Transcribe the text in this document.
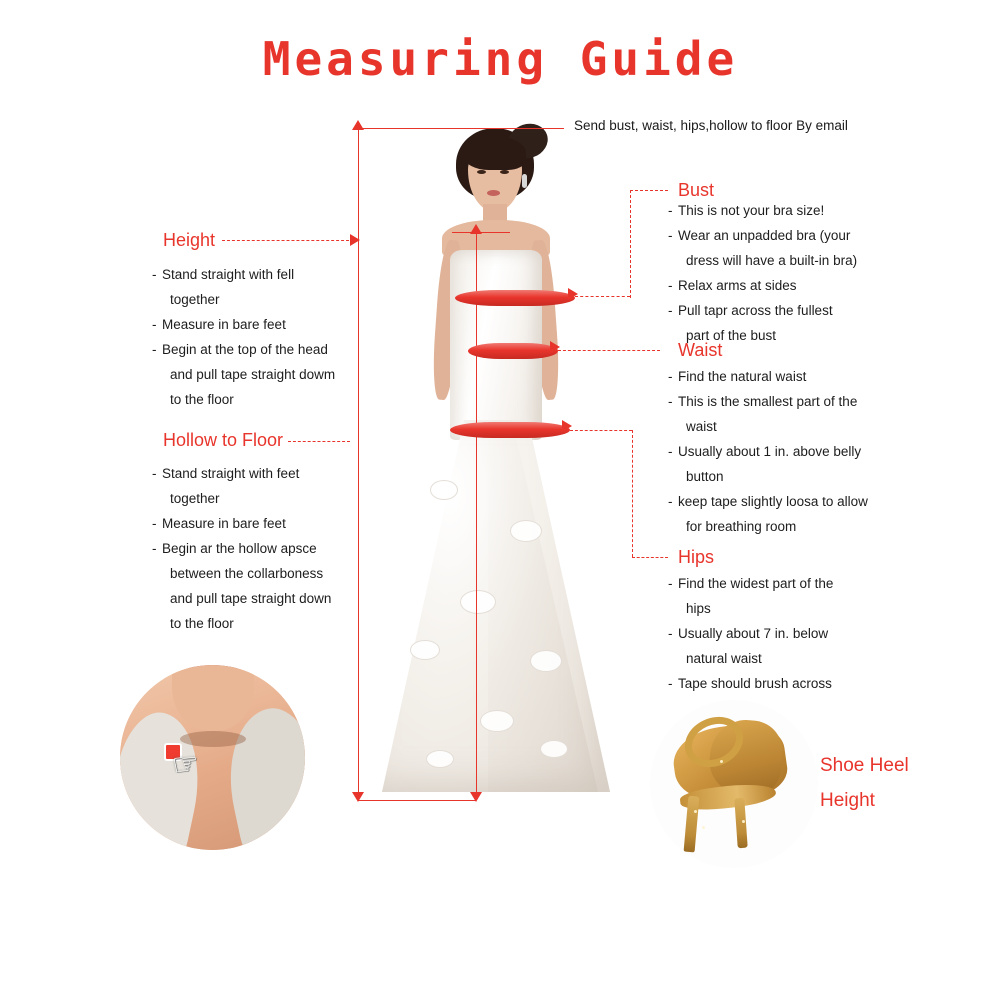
Measuring Guide
Send bust, waist, hips,hollow to floor By email
Height
- Stand straight with fell
together
- Measure in bare feet
- Begin at the top of the head
and pull tape straight dowm
to the floor
Hollow to Floor
- Stand straight with feet
together
- Measure in bare feet
- Begin ar the hollow apsce
between the collarboness
and pull tape straight down
to the floor
Bust
- This is not your bra size!
- Wear an unpadded bra (your
dress will have a built-in bra)
- Relax arms at sides
- Pull tapr across the fullest
part of the bust
Waist
- Find the natural waist
- This is the smallest part of the
waist
- Usually about 1 in. above belly
button
- keep tape slightly loosa to allow
for breathing room
Hips
- Find the widest part of the
hips
- Usually about 7 in. below
natural waist
- Tape should brush across
☞	Shoe Heel
Height
